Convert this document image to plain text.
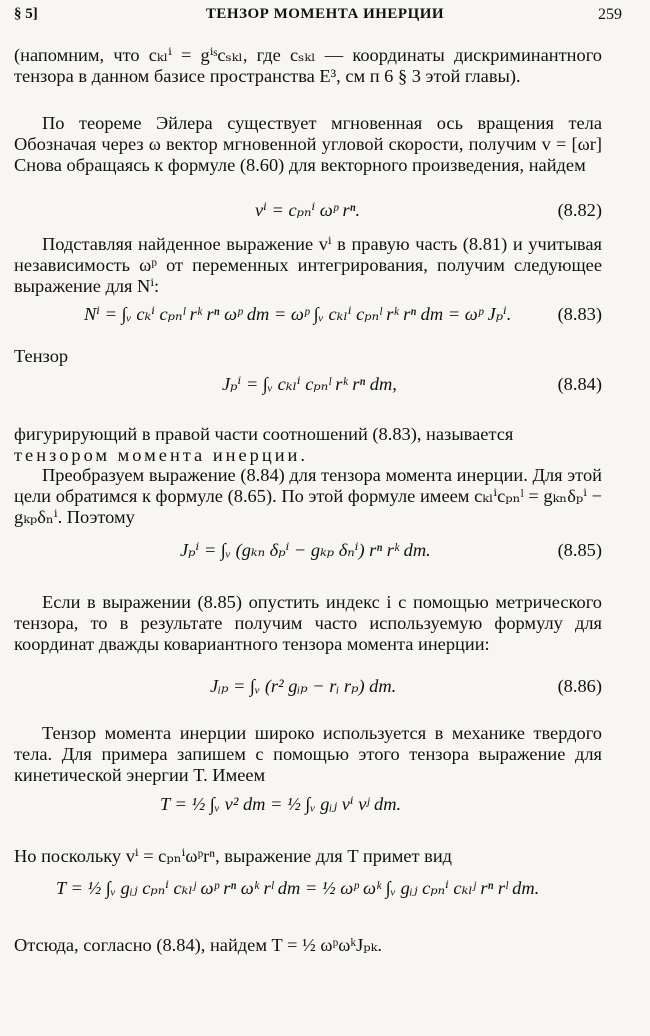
§ 5]	ТЕНЗОР МОМЕНТА ИНЕРЦИИ	259

(напомним, что cₖₗⁱ = gⁱˢcₛₖₗ, где cₛₖₗ — координаты дискриминантного тензора в данном базисе пространства E³, см п 6 § 3 этой главы).

По теореме Эйлера существует мгновенная ось вращения тела Обозначая через ω вектор мгновенной угловой скорости, получим v = [ωr] Снова обращаясь к формуле (8.60) для векторного произведения, найдем

vⁱ = cₚₙⁱ ωᵖ rⁿ.	(8.82)

Подставляя найденное выражение vⁱ в правую часть (8.81) и учитывая независимость ωᵖ от переменных интегрирования, получим следующее выражение для Nⁱ:

Nⁱ = ∫ᵥ cₖⁱ cₚₙˡ rᵏ rⁿ ωᵖ dm = ωᵖ ∫ᵥ cₖₗⁱ cₚₙˡ rᵏ rⁿ dm = ωᵖ Jₚⁱ.	(8.83)

Тензор

Jₚⁱ = ∫ᵥ cₖₗⁱ cₚₙˡ rᵏ rⁿ dm,	(8.84)

фигурирующий в правой части соотношений (8.83), называется
тензором момента инерции.

Преобразуем выражение (8.84) для тензора момента инерции. Для этой цели обратимся к формуле (8.65). По этой формуле имеем cₖₗⁱcₚₙˡ = gₖₙδₚⁱ − gₖₚδₙⁱ. Поэтому

Jₚⁱ = ∫ᵥ (gₖₙ δₚⁱ − gₖₚ δₙⁱ) rⁿ rᵏ dm.	(8.85)

Если в выражении (8.85) опустить индекс i с помощью метрического тензора, то в результате получим часто используемую формулу для координат дважды ковариантного тензора момента инерции:

Jᵢₚ = ∫ᵥ (r² gᵢₚ − rᵢ rₚ) dm.	(8.86)

Тензор момента инерции широко используется в механике твердого тела. Для примера запишем с помощью этого тензора выражение для кинетической энергии T. Имеем

T = ½ ∫ᵥ v² dm = ½ ∫ᵥ gᵢⱼ vⁱ vʲ dm.

Но поскольку vⁱ = cₚₙⁱωᵖrⁿ, выражение для T примет вид

T = ½ ∫ᵥ gᵢⱼ cₚₙⁱ cₖₗʲ ωᵖ rⁿ ωᵏ rˡ dm = ½ ωᵖ ωᵏ ∫ᵥ gᵢⱼ cₚₙⁱ cₖₗʲ rⁿ rˡ dm.

Отсюда, согласно (8.84), найдем T = ½ ωᵖωᵏJₚₖ.
